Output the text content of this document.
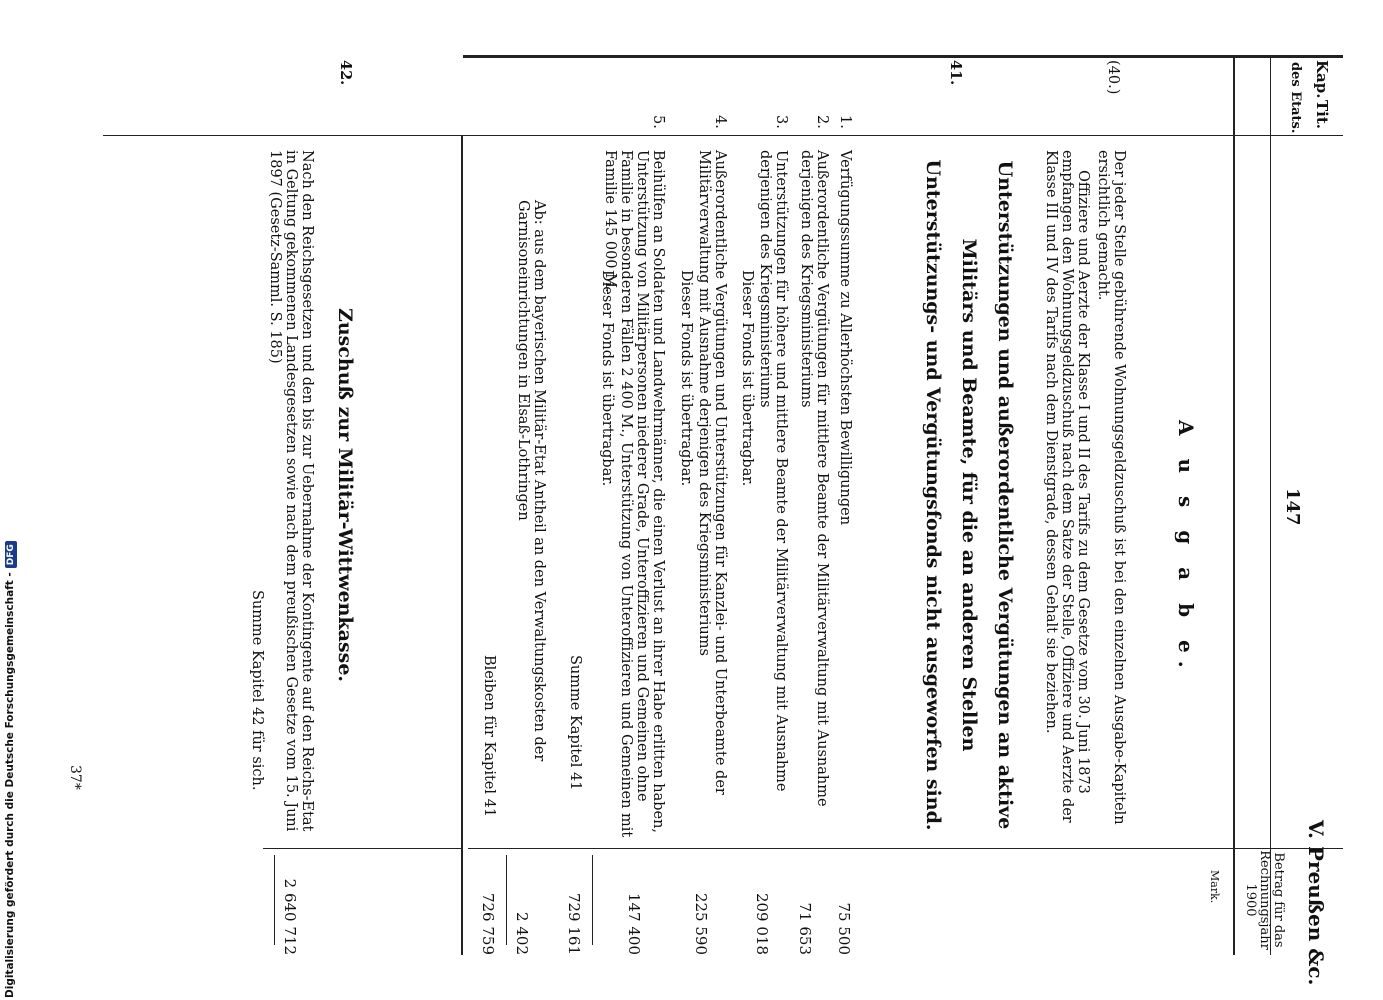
Kap.
Tit.
des Etats.
147
V. Preußen &c.
Betrag für das Rechnungsjahr 1900
Mark.
A u s g a b e.
(40.)
Der jeder Stelle gebührende Wohnungsgeldzuschuß ist bei den einzelnen Ausgabe-Kapiteln ersichtlich gemacht.
Offiziere und Aerzte der Klasse I und II des Tarifs zu dem Gesetze vom 30. Juni 1873 empfangen den Wohnungsgeldzuschuß nach dem Satze der Stelle, Offiziere und Aerzte der Klasse III und IV des Tarifs nach dem Dienstgrade, dessen Gehalt sie beziehen.
41.
Unterstützungen und außerordentliche Vergütungen an aktive Militärs und Beamte, für die an anderen Stellen Unterstützungs- und Vergütungsfonds nicht ausgeworfen sind.
1.
Verfügungssumme zu Allerhöchsten Bewilligungen
75 500
2.
Außerordentliche Vergütungen für mittlere Beamte der Militärverwaltung mit Ausnahme derjenigen des Kriegsministeriums
71 653
3.
Unterstützungen für höhere und mittlere Beamte der Militärverwaltung mit Ausnahme derjenigen des Kriegsministeriums
Dieser Fonds ist übertragbar.
209 018
4.
Außerordentliche Vergütungen und Unterstützungen für Kanzlei- und Unterbeamte der Militärverwaltung mit Ausnahme derjenigen des Kriegsministeriums
Dieser Fonds ist übertragbar.
225 590
5.
Beihülfen an Soldaten und Landwehrmänner, die einen Verlust an ihrer Habe erlitten haben, Unterstützung von Militärpersonen niederer Grade, Unteroffizieren und Gemeinen ohne Familie in besonderen Fällen 2 400 M., Unterstützung von Unteroffizieren und Gemeinen mit Familie 145 000 M.
Dieser Fonds ist übertragbar.
147 400
Summe Kapitel 41
729 161
Ab: aus dem bayerischen Militär-Etat Antheil an den Verwaltungskosten der Garnisoneinrichtungen in Elsaß-Lothringen
2 402
Bleiben für Kapitel 41
726 759
42.
Zuschuß zur Militär-Wittwenkasse.
Nach den Reichsgesetzen und den bis zur Uebernahme der Kontingente auf den Reichs-Etat in Geltung gekommenen Landesgesetzen sowie nach dem preußischen Gesetze vom 15. Juni 1897 (Gesetz-Samml. S. 185)
2 640 712
Summe Kapitel 42 für sich.
37*
Digitalisierung gefördert durch die Deutsche Forschungsgemeinschaft -DFG
